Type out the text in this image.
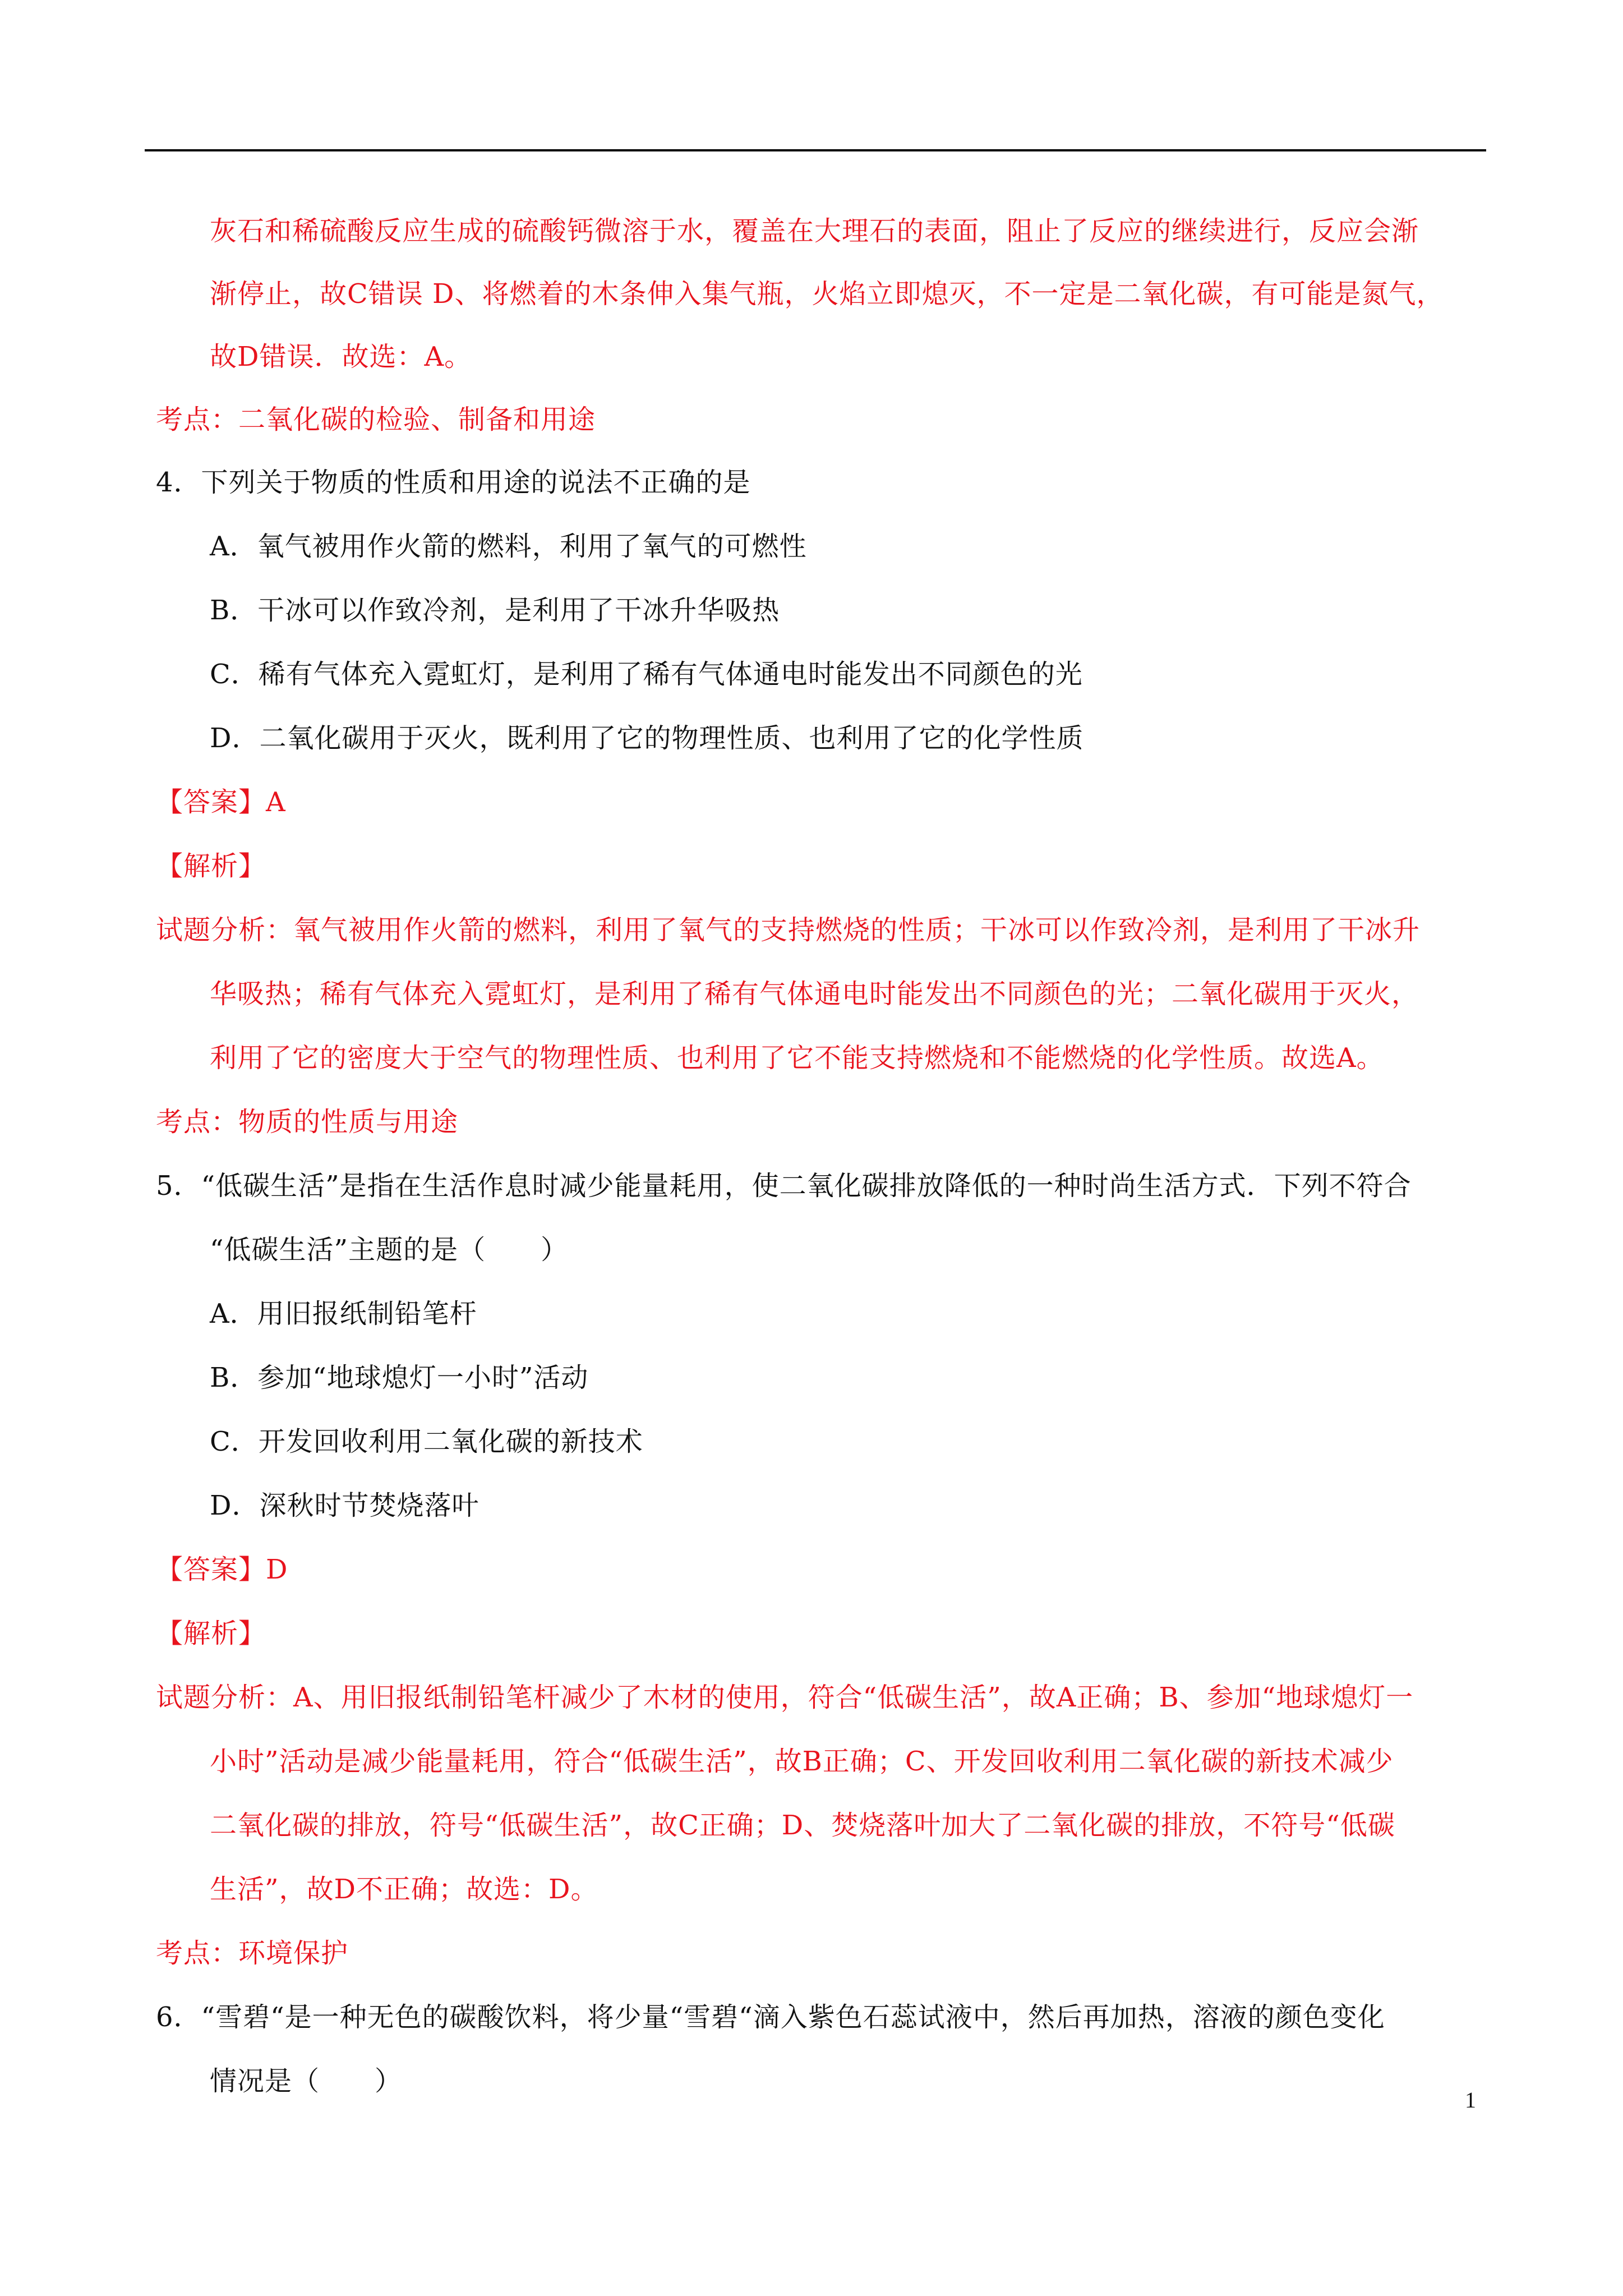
灰石和稀硫酸反应生成的硫酸钙微溶于水，覆盖在大理石的表面，阻止了反应的继续进行，反应会渐
渐停止，故C错误 D、将燃着的木条伸入集气瓶，火焰立即熄灭，不一定是二氧化碳，有可能是氮气，
故D错误．故选：A。
考点：二氧化碳的检验、制备和用途
4．下列关于物质的性质和用途的说法不正确的是
A．氧气被用作火箭的燃料，利用了氧气的可燃性
B．干冰可以作致冷剂，是利用了干冰升华吸热
C．稀有气体充入霓虹灯，是利用了稀有气体通电时能发出不同颜色的光
D．二氧化碳用于灭火，既利用了它的物理性质、也利用了它的化学性质
【答案】A
【解析】
试题分析：氧气被用作火箭的燃料，利用了氧气的支持燃烧的性质；干冰可以作致冷剂，是利用了干冰升
华吸热；稀有气体充入霓虹灯，是利用了稀有气体通电时能发出不同颜色的光；二氧化碳用于灭火，
利用了它的密度大于空气的物理性质、也利用了它不能支持燃烧和不能燃烧的化学性质。故选A。
考点：物质的性质与用途
5．“低碳生活”是指在生活作息时减少能量耗用，使二氧化碳排放降低的一种时尚生活方式．下列不符合
“低碳生活”主题的是（　　）
A．用旧报纸制铅笔杆
B．参加“地球熄灯一小时”活动
C．开发回收利用二氧化碳的新技术
D．深秋时节焚烧落叶
【答案】D
【解析】
试题分析：A、用旧报纸制铅笔杆减少了木材的使用，符合“低碳生活”，故A正确；B、参加“地球熄灯一
小时”活动是减少能量耗用，符合“低碳生活”，故B正确；C、开发回收利用二氧化碳的新技术减少
二氧化碳的排放，符号“低碳生活”，故C正确；D、焚烧落叶加大了二氧化碳的排放，不符号“低碳
生活”，故D不正确；故选：D。
考点：环境保护
6．“雪碧“是一种无色的碳酸饮料，将少量“雪碧“滴入紫色石蕊试液中，然后再加热，溶液的颜色变化
情况是（　　）
1
